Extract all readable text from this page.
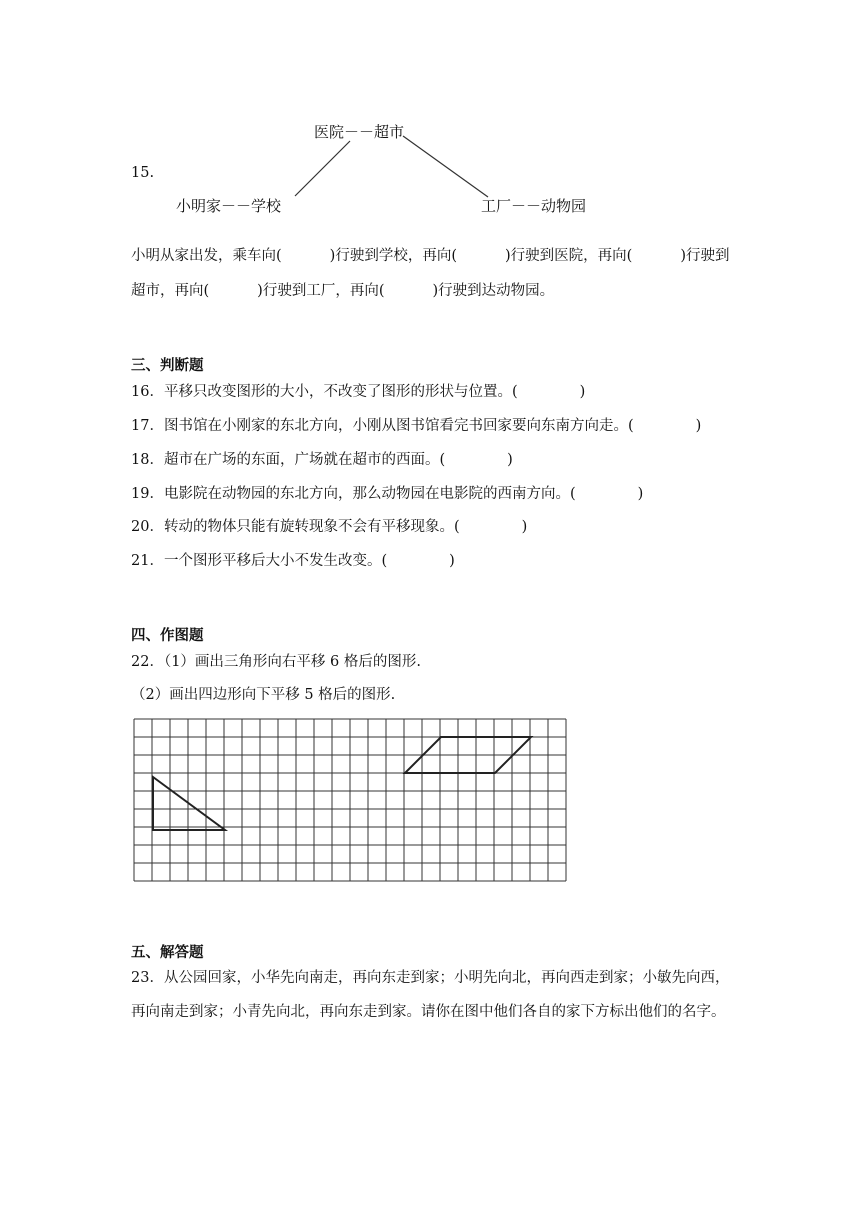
15.
医院－－超市
小明家－－学校	工厂－－动物园
小明从家出发，乘车向(	)行驶到学校，再向(	)行驶到医院，再向(	)行驶到
超市，再向(	)行驶到工厂，再向(	)行驶到达动物园。
三、判断题
16．平移只改变图形的大小，不改变了图形的形状与位置。(	)
17．图书馆在小刚家的东北方向，小刚从图书馆看完书回家要向东南方向走。(	)
18．超市在广场的东面，广场就在超市的西面。(	)
19．电影院在动物园的东北方向，那么动物园在电影院的西南方向。(	)
20．转动的物体只能有旋转现象不会有平移现象。(	)
21．一个图形平移后大小不发生改变。(	)
四、作图题
22．（1）画出三角形向右平移 6 格后的图形.
（2）画出四边形向下平移 5 格后的图形.
五、解答题
23．从公园回家，小华先向南走，再向东走到家；小明先向北，再向西走到家；小敏先向西，
再向南走到家；小青先向北，再向东走到家。请你在图中他们各自的家下方标出他们的名字。
